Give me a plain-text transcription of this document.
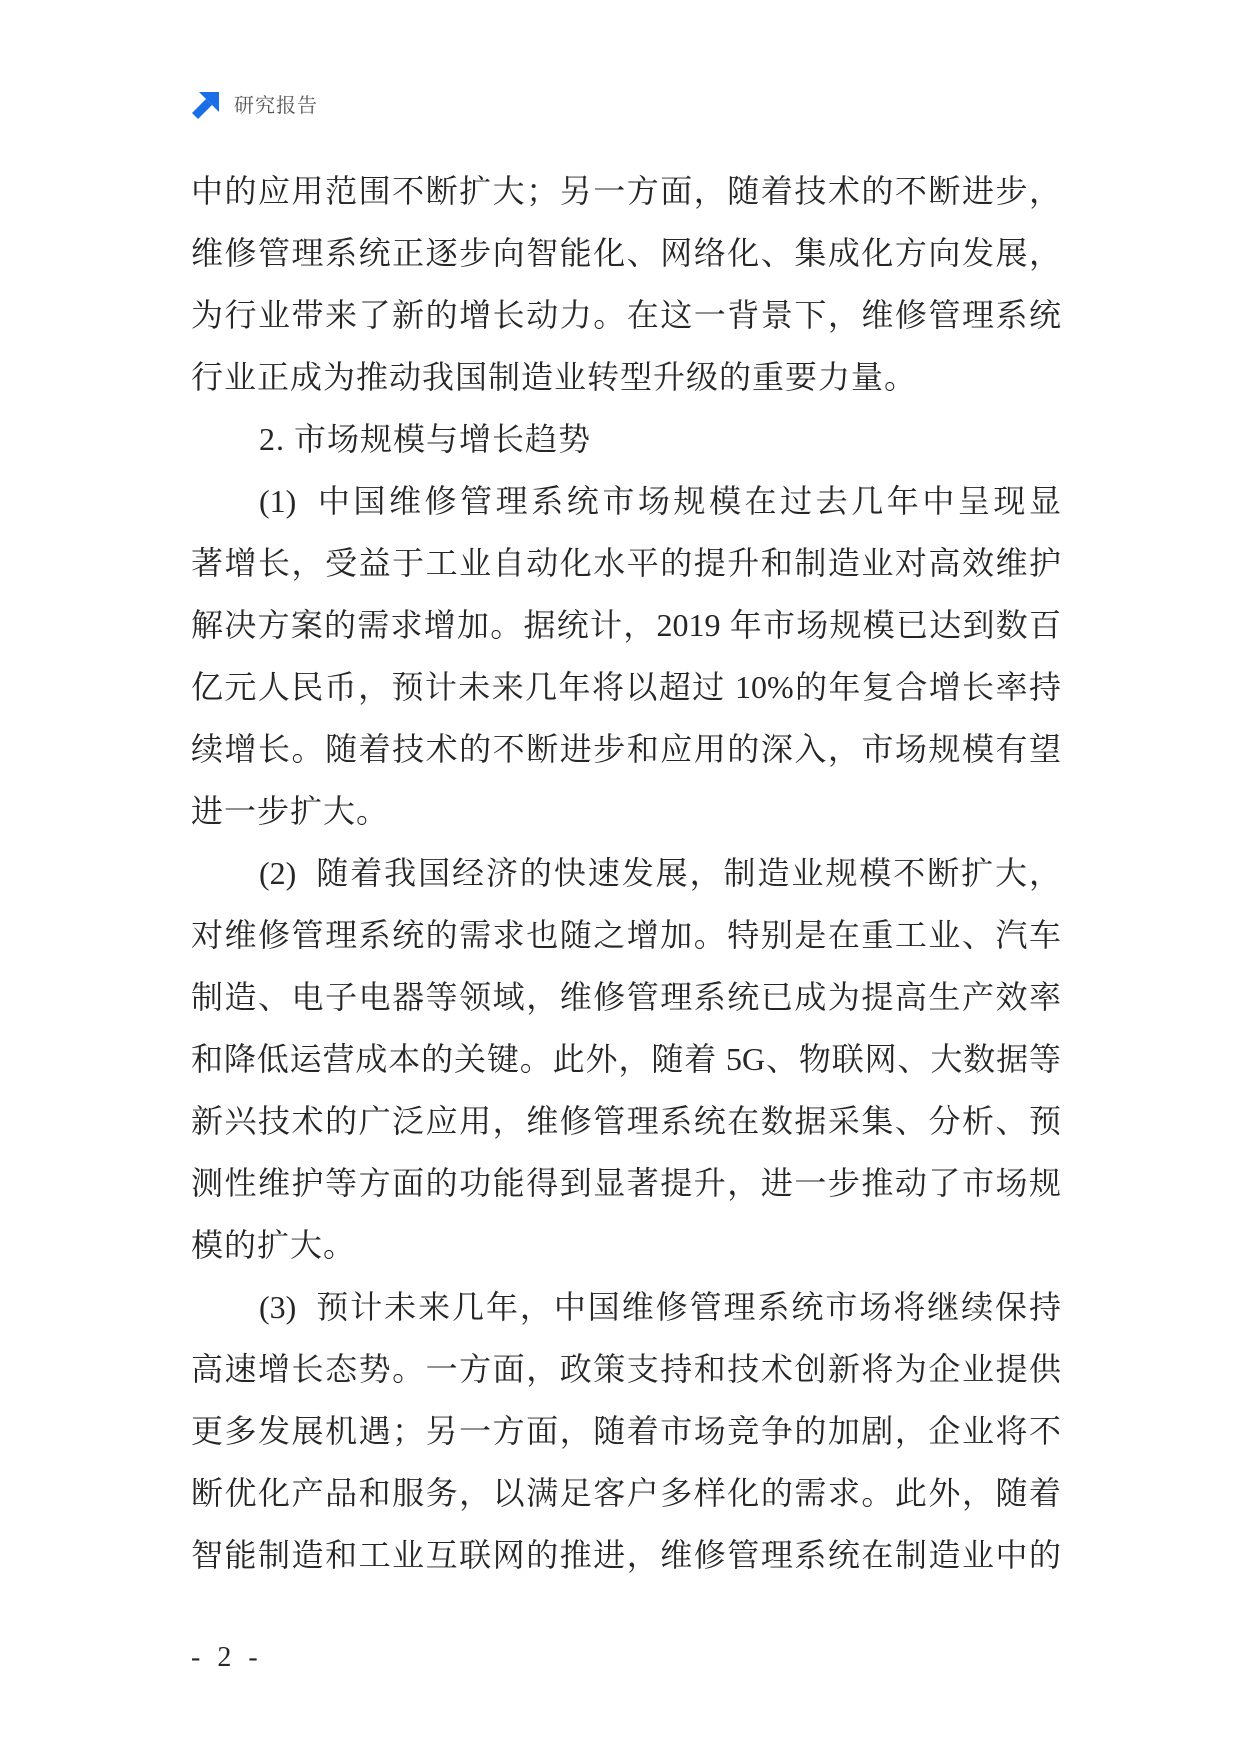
研究报告
中的应用范围不断扩大；另一方面，随着技术的不断进步，
维修管理系统正逐步向智能化、网络化、集成化方向发展，
为行业带来了新的增长动力。在这一背景下，维修管理系统
行业正成为推动我国制造业转型升级的重要力量。
2. 市场规模与增长趋势
(1) 中国维修管理系统市场规模在过去几年中呈现显
著增长，受益于工业自动化水平的提升和制造业对高效维护
解决方案的需求增加。据统计，2019 年市场规模已达到数百
亿元人民币，预计未来几年将以超过 10%的年复合增长率持
续增长。随着技术的不断进步和应用的深入，市场规模有望
进一步扩大。
(2) 随着我国经济的快速发展，制造业规模不断扩大，
对维修管理系统的需求也随之增加。特别是在重工业、汽车
制造、电子电器等领域，维修管理系统已成为提高生产效率
和降低运营成本的关键。此外，随着 5G、物联网、大数据等
新兴技术的广泛应用，维修管理系统在数据采集、分析、预
测性维护等方面的功能得到显著提升，进一步推动了市场规
模的扩大。
(3) 预计未来几年，中国维修管理系统市场将继续保持
高速增长态势。一方面，政策支持和技术创新将为企业提供
更多发展机遇；另一方面，随着市场竞争的加剧，企业将不
断优化产品和服务，以满足客户多样化的需求。此外，随着
智能制造和工业互联网的推进，维修管理系统在制造业中的
- 2 -
